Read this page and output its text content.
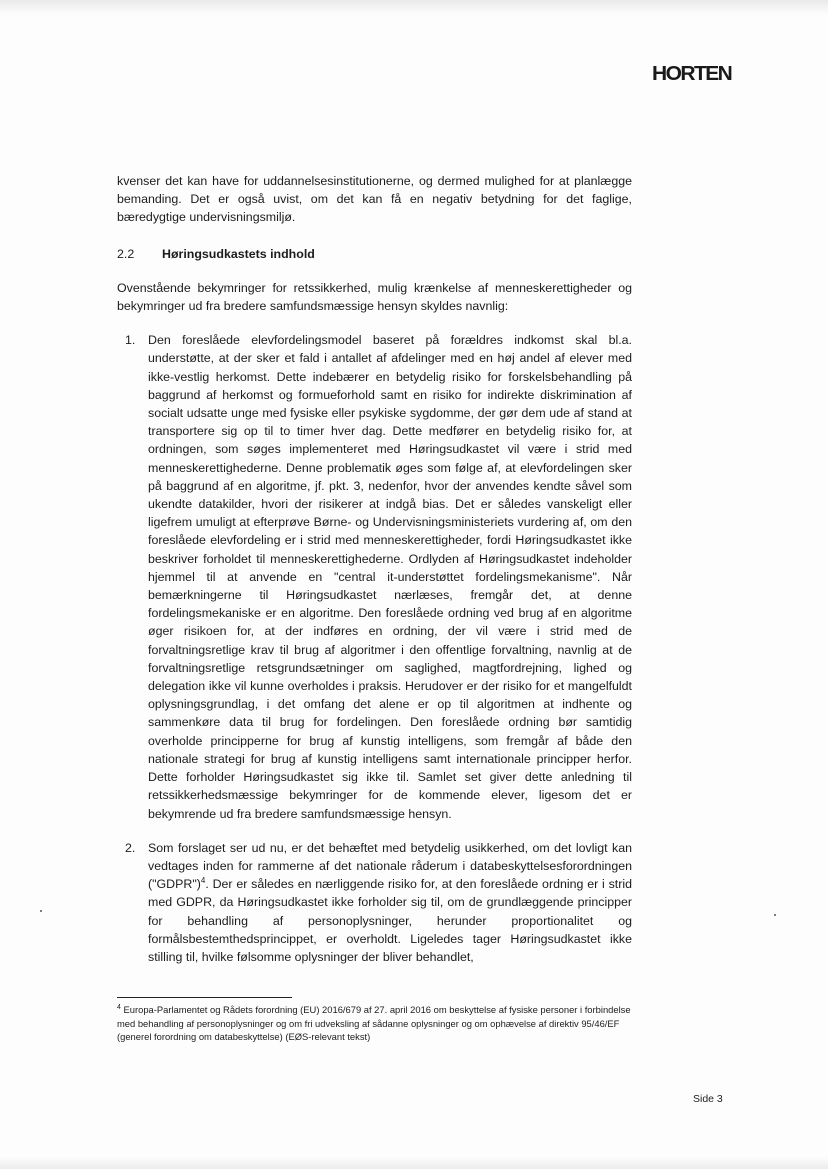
HORTEN

kvenser det kan have for uddannelsesinstitutionerne, og dermed mulighed for at planlægge bemanding. Det er også uvist, om det kan få en negativ betydning for det faglige, bæredygtige undervisningsmiljø.

2.2	Høringsudkastets indhold

Ovenstående bekymringer for retssikkerhed, mulig krænkelse af menneskerettigheder og bekymringer ud fra bredere samfundsmæssige hensyn skyldes navnlig:

1.	Den foreslåede elevfordelingsmodel baseret på forældres indkomst skal bl.a. understøtte, at der sker et fald i antallet af afdelinger med en høj andel af elever med ikke-vestlig herkomst. Dette indebærer en betydelig risiko for forskelsbehandling på baggrund af herkomst og formueforhold samt en risiko for indirekte diskrimination af socialt udsatte unge med fysiske eller psykiske sygdomme, der gør dem ude af stand at transportere sig op til to timer hver dag. Dette medfører en betydelig risiko for, at ordningen, som søges implementeret med Høringsudkastet vil være i strid med menneskerettighederne. Denne problematik øges som følge af, at elevfordelingen sker på baggrund af en algoritme, jf. pkt. 3, nedenfor, hvor der anvendes kendte såvel som ukendte datakilder, hvori der risikerer at indgå bias. Det er således vanskeligt eller ligefrem umuligt at efterprøve Børne- og Undervisningsministeriets vurdering af, om den foreslåede elevfordeling er i strid med menneskerettigheder, fordi Høringsudkastet ikke beskriver forholdet til menneskerettighederne. Ordlyden af Høringsudkastet indeholder hjemmel til at anvende en "central it-understøttet fordelingsmekanisme". Når bemærkningerne til Høringsudkastet nærlæses, fremgår det, at denne fordelingsmekaniske er en algoritme. Den foreslåede ordning ved brug af en algoritme øger risikoen for, at der indføres en ordning, der vil være i strid med de forvaltningsretlige krav til brug af algoritmer i den offentlige forvaltning, navnlig at de forvaltningsretlige retsgrundsætninger om saglighed, magtfordrejning, lighed og delegation ikke vil kunne overholdes i praksis. Herudover er der risiko for et mangelfuldt oplysningsgrundlag, i det omfang det alene er op til algoritmen at indhente og sammenkøre data til brug for fordelingen. Den foreslåede ordning bør samtidig overholde principperne for brug af kunstig intelligens, som fremgår af både den nationale strategi for brug af kunstig intelligens samt internationale principper herfor. Dette forholder Høringsudkastet sig ikke til. Samlet set giver dette anledning til retssikkerhedsmæssige bekymringer for de kommende elever, ligesom det er bekymrende ud fra bredere samfundsmæssige hensyn.
2.	Som forslaget ser ud nu, er det behæftet med betydelig usikkerhed, om det lovligt kan vedtages inden for rammerne af det nationale råderum i databeskyttelsesforordningen ("GDPR")$^4$. Der er således en nærliggende risiko for, at den foreslåede ordning er i strid med GDPR, da Høringsudkastet ikke forholder sig til, om de grundlæggende principper for behandling af personoplysninger, herunder proportionalitet og formålsbestemthedsprincippet, er overholdt. Ligeledes tager Høringsudkastet ikke stilling til, hvilke følsomme oplysninger der bliver behandlet,
$^4$ Europa-Parlamentet og Rådets forordning (EU) 2016/679 af 27. april 2016 om beskyttelse af fysiske personer i forbindelse med behandling af personoplysninger og om fri udveksling af sådanne oplysninger og om ophævelse af direktiv 95/46/EF (generel forordning om databeskyttelse) (EØS-relevant tekst)
Side 3
